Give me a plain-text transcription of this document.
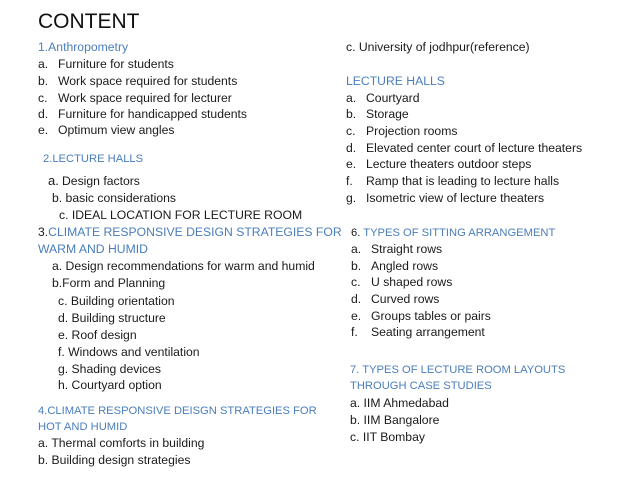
CONTENT
1.Anthropometry
a. Furniture for students
b. Work space required for students
c. Work space required for lecturer
d. Furniture for handicapped students
e. Optimum view angles
2.LECTURE HALLS
a. Design factors
b. basic considerations
c. IDEAL LOCATION FOR LECTURE ROOM
3.CLIMATE RESPONSIVE DESIGN STRATEGIES FOR
WARM AND HUMID
a. Design recommendations for warm and humid
b.Form and Planning
c. Building orientation
d. Building structure
e. Roof design
f. Windows and ventilation
g. Shading devices
h. Courtyard option
4.CLIMATE RESPONSIVE DEISGN STRATEGIES FOR
HOT AND HUMID
a. Thermal comforts in building
b. Building design strategies
c. University of jodhpur(reference)
LECTURE HALLS
a. Courtyard
b. Storage
c. Projection rooms
d. Elevated center court of lecture theaters
e. Lecture theaters outdoor steps
f. Ramp that is leading to lecture halls
g. Isometric view of lecture theaters
6. TYPES OF SITTING ARRANGEMENT
a. Straight rows
b. Angled rows
c. U shaped rows
d. Curved rows
e. Groups tables or pairs
f. Seating arrangement
7. TYPES OF LECTURE ROOM LAYOUTS
THROUGH CASE STUDIES
a. IIM Ahmedabad
b. IIM Bangalore
c. IIT Bombay
